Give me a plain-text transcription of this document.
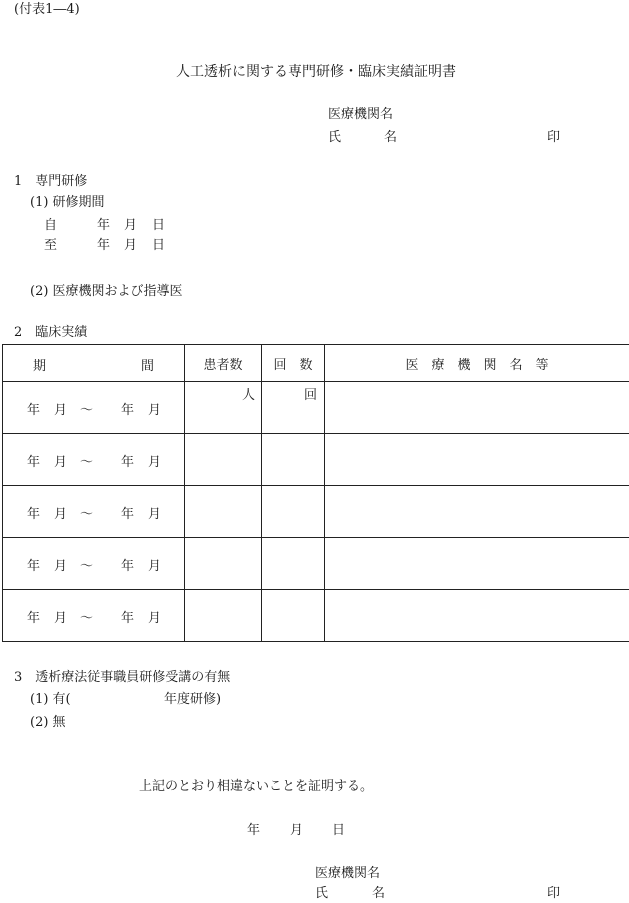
(付表1―4)
人工透析に関する専門研修・臨床実績証明書
医療機関名
氏	名	印
1　専門研修
(1) 研修期間
自	年 月 日
至	年 月 日
(2) 医療機関および指導医
2　臨床実績
期 間	患者数	回　数	医　療　機　関　名　等

年 月 ～ 年 月	人	回	

年 月 ～ 年 月			

年 月 ～ 年 月			

年 月 ～ 年 月			

年 月 ～ 年 月			

3　透析療法従事職員研修受講の有無
(1) 有(	年度研修)
(2) 無
上記のとおり相違ないことを証明する。
年 月 日
医療機関名
氏	名	印
